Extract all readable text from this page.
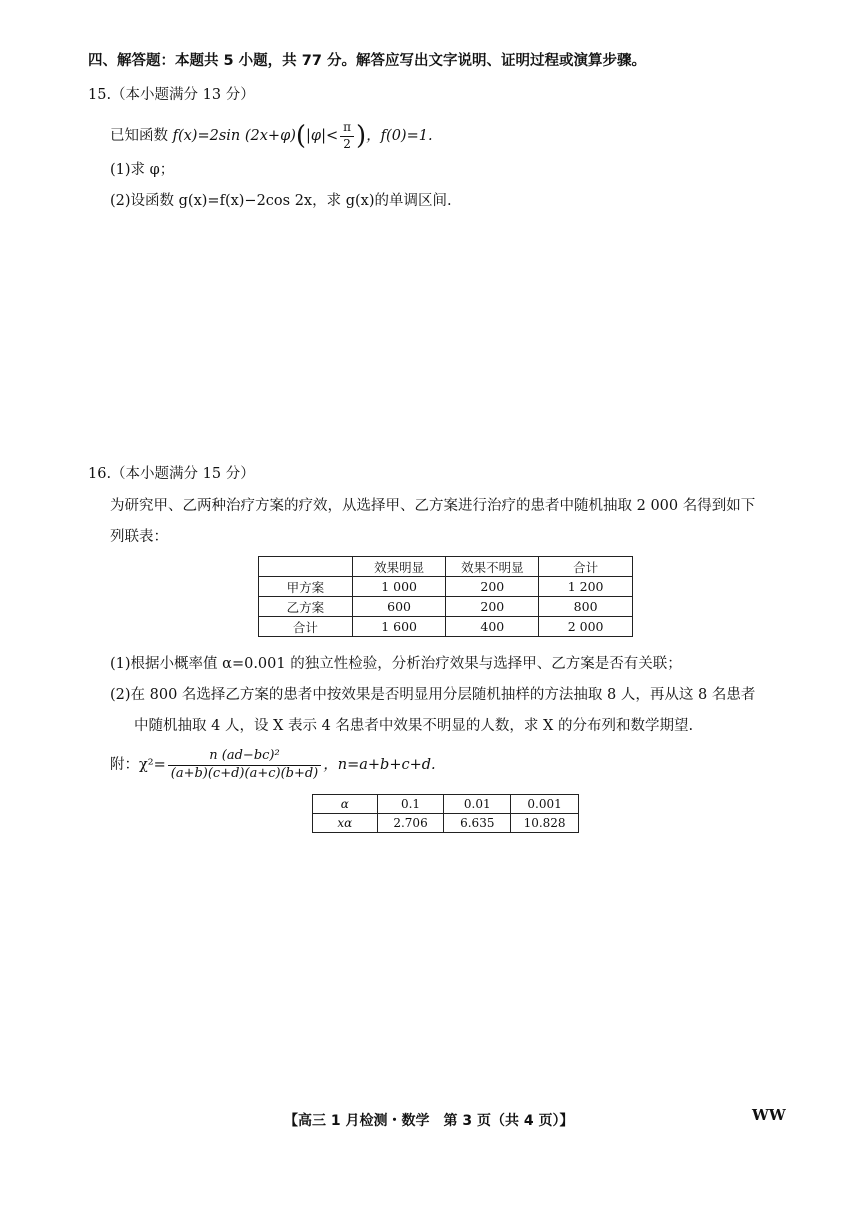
四、解答题：本题共 5 小题，共 77 分。解答应写出文字说明、证明过程或演算步骤。
15.（本小题满分 13 分）
已知函数 f(x)=2sin $(2x+\varphi)(|\varphi|< \frac{\pi}{2}$ )，f(0)=1.
(1)求 φ；
(2)设函数 g(x)=f(x)−2cos 2x，求 g(x)的单调区间.
16.（本小题满分 15 分）
为研究甲、乙两种治疗方案的疗效，从选择甲、乙方案进行治疗的患者中随机抽取 2 000 名得到如下
列联表：
	效果明显	效果不明显	合计
甲方案	1 000	200	1 200
乙方案	600	200	800
合计	1 600	400	2 000
(1)根据小概率值 α=0.001 的独立性检验，分析治疗效果与选择甲、乙方案是否有关联；
(2)在 800 名选择乙方案的患者中按效果是否明显用分层随机抽样的方法抽取 8 人，再从这 8 名患者
中随机抽取 4 人，设 X 表示 4 名患者中效果不明显的人数，求 X 的分布列和数学期望.
附：$\chi^2= \frac{\text{n (ad−bc)²}}{(a+b)(c+d)(a+c)(b+d)}$ ，n=a+b+c+d.
α	0.1	0.01	0.001
xα	2.706	6.635	10.828
【高三 1 月检测・数学　第 3 页（共 4 页）】	WW
